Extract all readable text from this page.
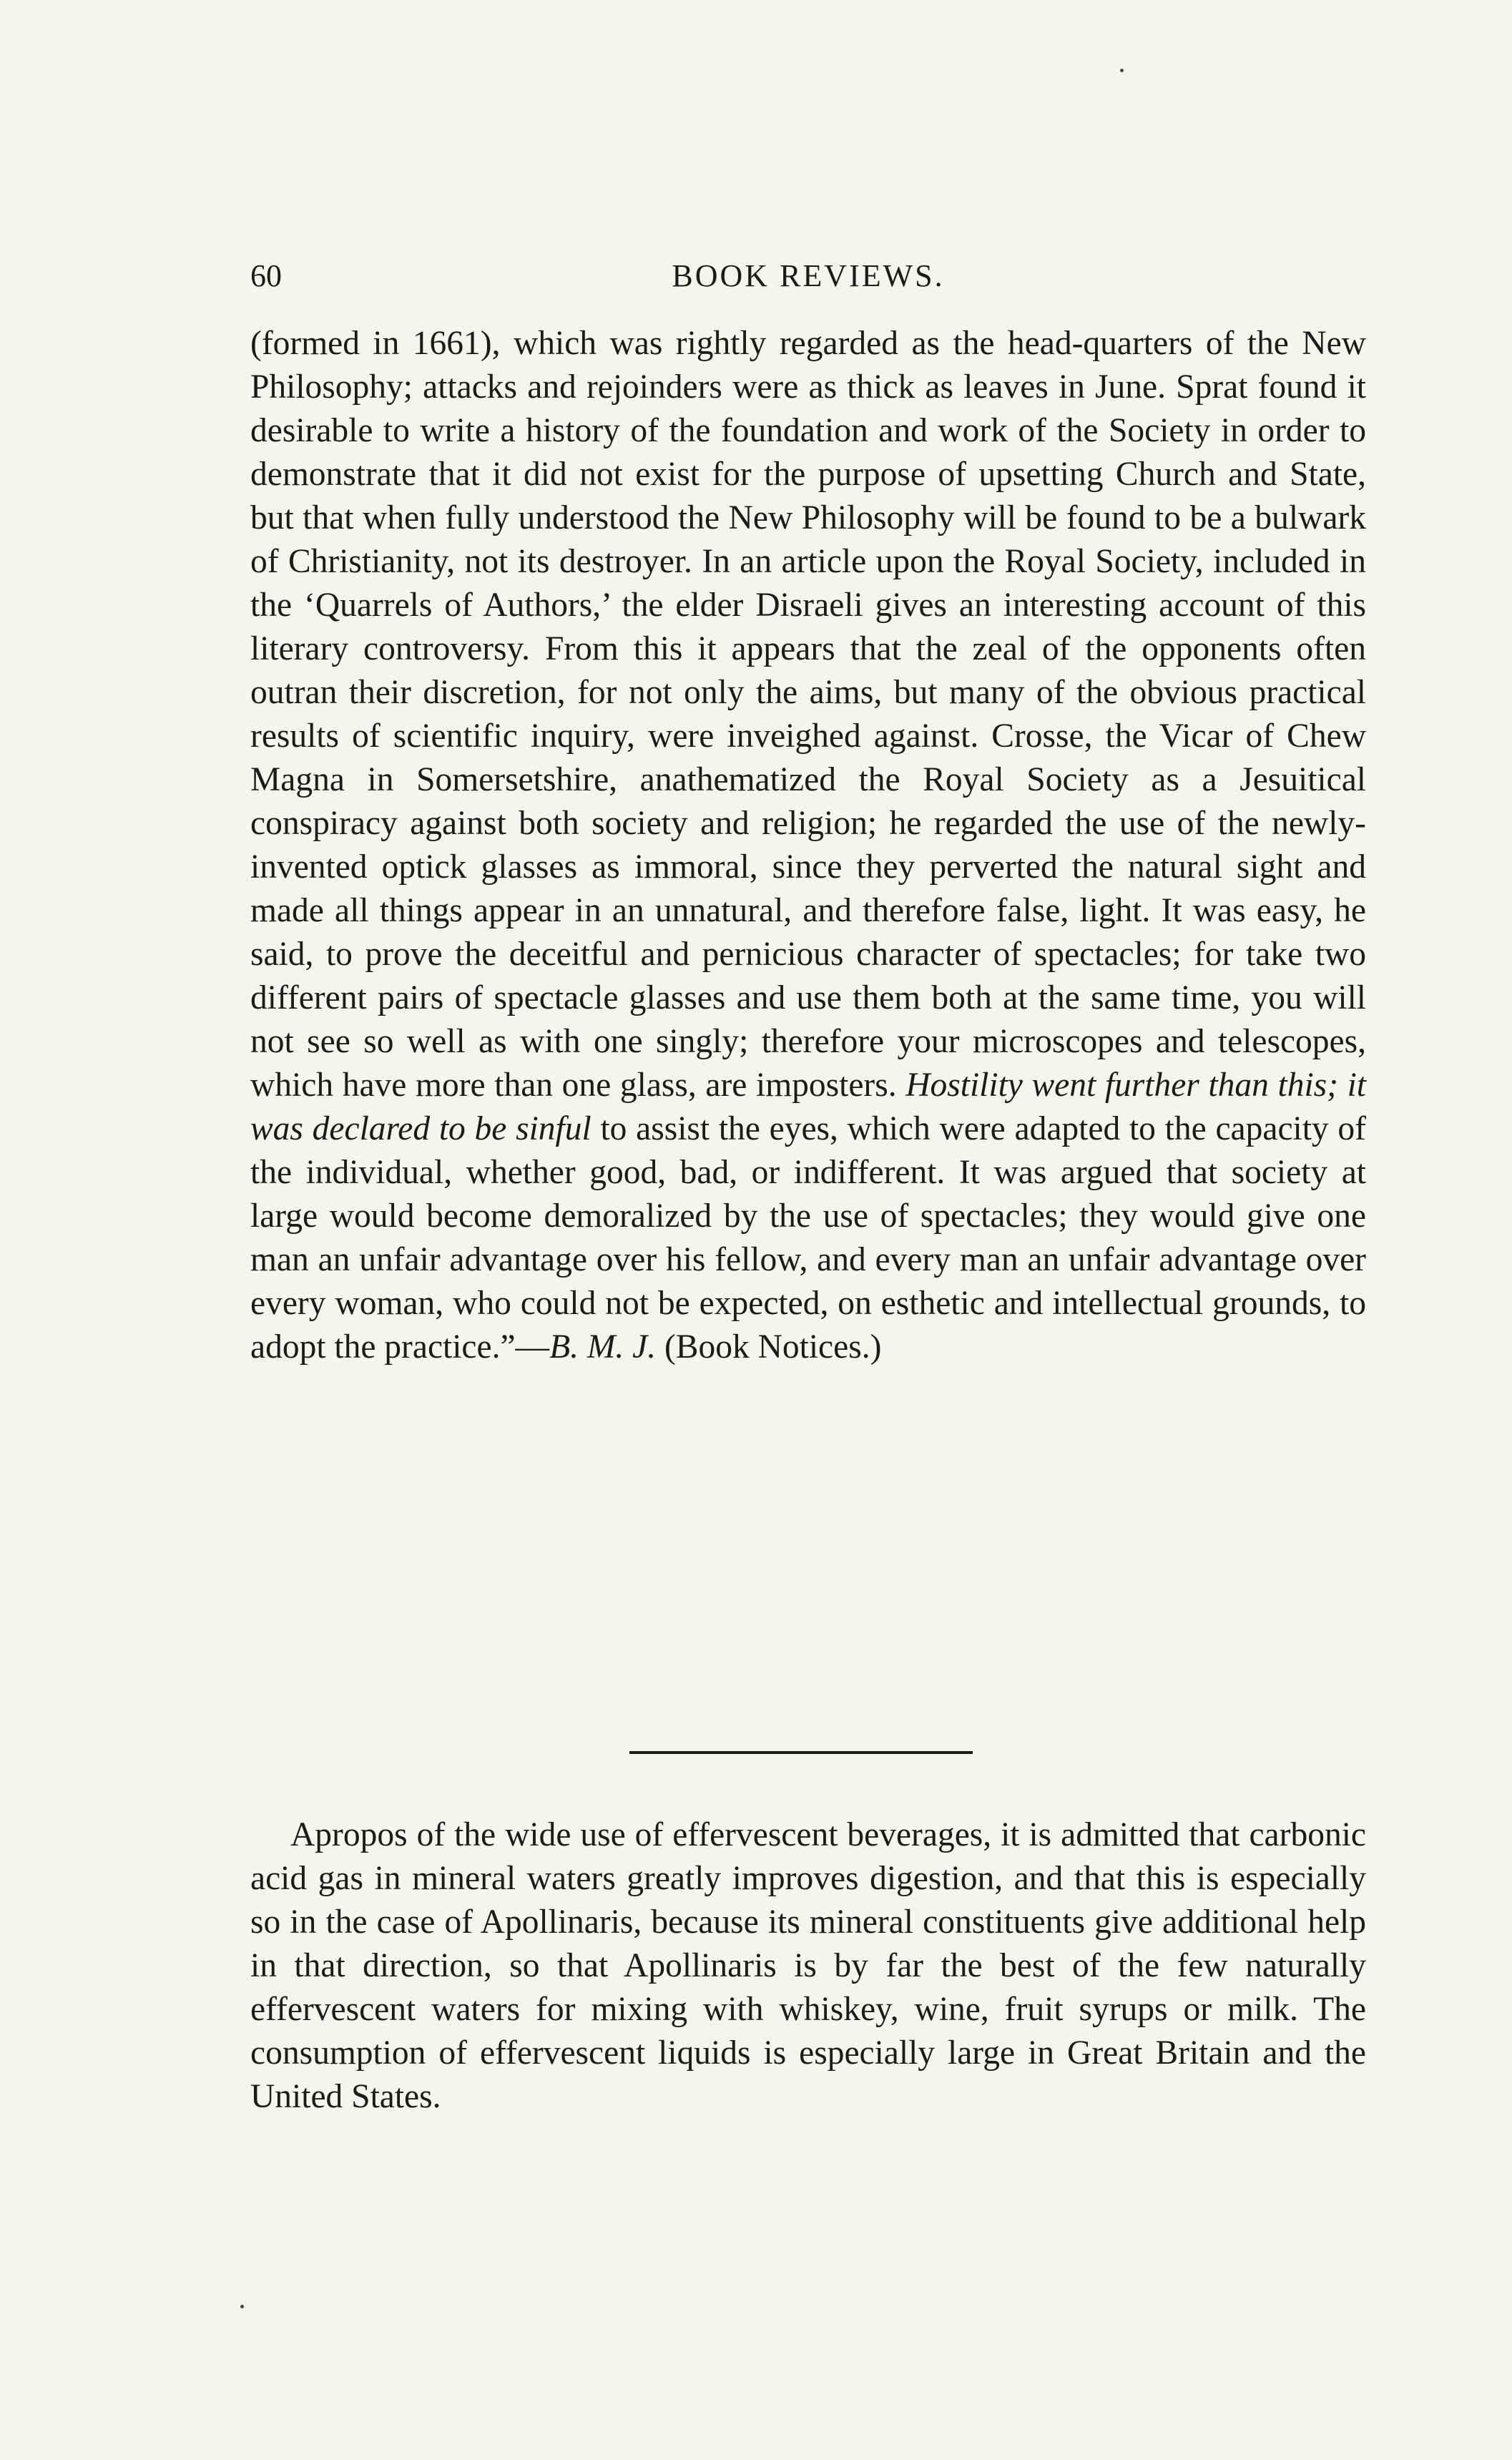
60	BOOK REVIEWS.

(formed in 1661), which was rightly regarded as the head-quarters of the New Philosophy; attacks and rejoinders were as thick as leaves in June. Sprat found it desirable to write a history of the foundation and work of the Society in order to demonstrate that it did not exist for the purpose of upsetting Church and State, but that when fully understood the New Philosophy will be found to be a bulwark of Christianity, not its destroyer. In an article upon the Royal Society, included in the ‘Quarrels of Authors,’ the elder Disraeli gives an interesting account of this literary controversy. From this it appears that the zeal of the opponents often outran their discretion, for not only the aims, but many of the obvious practical results of scientific inquiry, were inveighed against. Crosse, the Vicar of Chew Magna in Somersetshire, anathematized the Royal Society as a Jesuitical conspiracy against both society and religion; he regarded the use of the newly-invented optick glasses as immoral, since they perverted the natural sight and made all things appear in an unnatural, and therefore false, light. It was easy, he said, to prove the deceitful and pernicious character of spectacles; for take two different pairs of spectacle glasses and use them both at the same time, you will not see so well as with one singly; therefore your microscopes and telescopes, which have more than one glass, are imposters. Hostility went further than this; it was declared to be sinful to assist the eyes, which were adapted to the capacity of the individual, whether good, bad, or indifferent. It was argued that society at large would become demoralized by the use of spectacles; they would give one man an unfair advantage over his fellow, and every man an unfair advantage over every woman, who could not be expected, on esthetic and intellectual grounds, to adopt the practice.”—B. M. J. (Book Notices.)

Apropos of the wide use of effervescent beverages, it is admitted that carbonic acid gas in mineral waters greatly improves digestion, and that this is especially so in the case of Apollinaris, because its mineral constituents give additional help in that direction, so that Apollinaris is by far the best of the few naturally effervescent waters for mixing with whiskey, wine, fruit syrups or milk. The consumption of effervescent liquids is especially large in Great Britain and the United States.
